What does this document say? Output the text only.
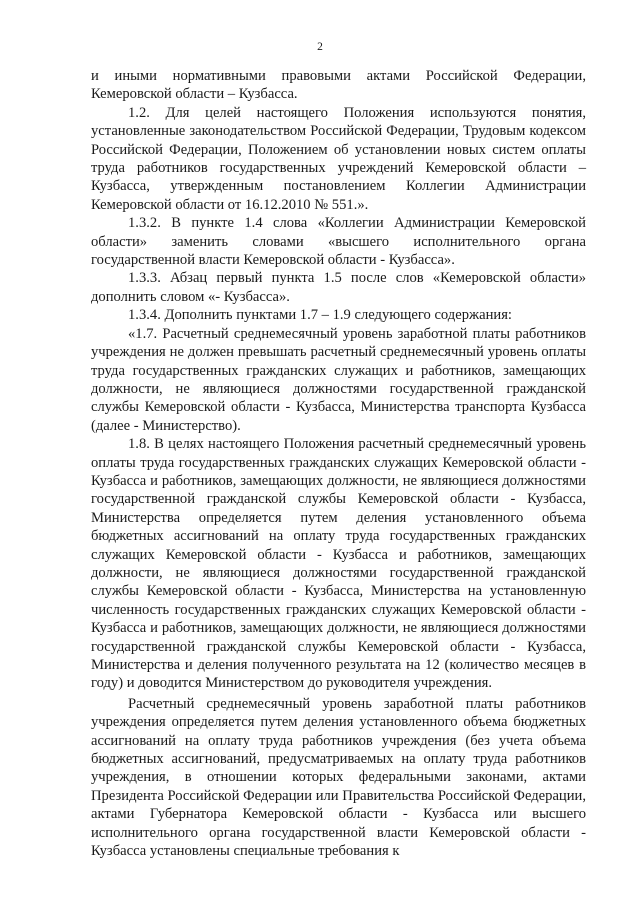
2

и иными нормативными правовыми актами Российской Федерации, Кемеровской области – Кузбасса.

1.2. Для целей настоящего Положения используются понятия, установленные законодательством Российской Федерации, Трудовым кодексом Российской Федерации, Положением об установлении новых систем оплаты труда работников государственных учреждений Кемеровской области – Кузбасса, утвержденным постановлением Коллегии Администрации Кемеровской области от 16.12.2010 № 551.».

1.3.2. В пункте 1.4 слова «Коллегии Администрации Кемеровской области» заменить словами «высшего исполнительного органа государственной власти Кемеровской области - Кузбасса».

1.3.3. Абзац первый пункта 1.5 после слов «Кемеровской области» дополнить словом «- Кузбасса».

1.3.4. Дополнить пунктами 1.7 – 1.9 следующего содержания:

«1.7. Расчетный среднемесячный уровень заработной платы работников учреждения не должен превышать расчетный среднемесячный уровень оплаты труда государственных гражданских служащих и работников, замещающих должности, не являющиеся должностями государственной гражданской службы Кемеровской области - Кузбасса, Министерства транспорта Кузбасса (далее - Министерство).

1.8. В целях настоящего Положения расчетный среднемесячный уровень оплаты труда государственных гражданских служащих Кемеровской области - Кузбасса и работников, замещающих должности, не являющиеся должностями государственной гражданской службы Кемеровской области - Кузбасса, Министерства определяется путем деления установленного объема бюджетных ассигнований на оплату труда государственных гражданских служащих Кемеровской области - Кузбасса и работников, замещающих должности, не являющиеся должностями государственной гражданской службы Кемеровской области - Кузбасса, Министерства на установленную численность государственных гражданских служащих Кемеровской области - Кузбасса и работников, замещающих должности, не являющиеся должностями государственной гражданской службы Кемеровской области - Кузбасса, Министерства и деления полученного результата на 12 (количество месяцев в году) и доводится Министерством до руководителя учреждения.

Расчетный среднемесячный уровень заработной платы работников учреждения определяется путем деления установленного объема бюджетных ассигнований на оплату труда работников учреждения (без учета объема бюджетных ассигнований, предусматриваемых на оплату труда работников учреждения, в отношении которых федеральными законами, актами Президента Российской Федерации или Правительства Российской Федерации, актами Губернатора Кемеровской области - Кузбасса или высшего исполнительного органа государственной власти Кемеровской области - Кузбасса установлены специальные требования к
